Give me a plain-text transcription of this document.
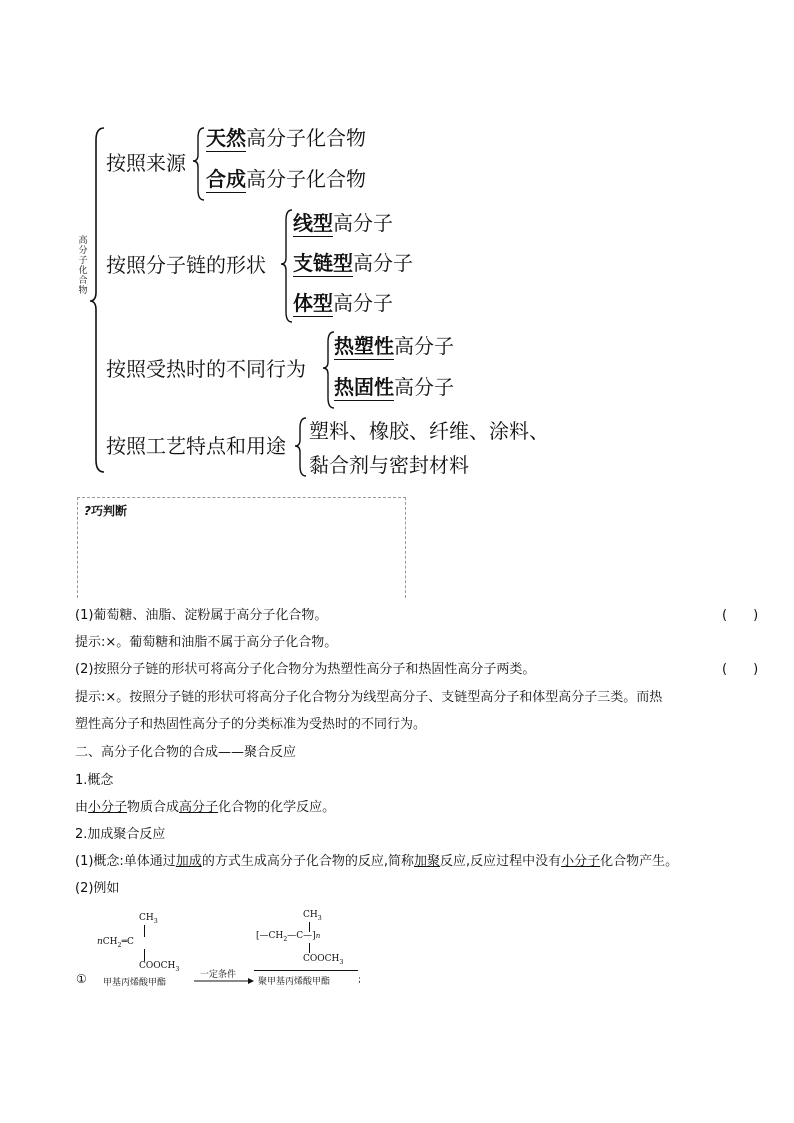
高分子化合物
按照来源
天然高分子化合物
合成高分子化合物
按照分子链的形状
线型高分子
支链型高分子
体型高分子
按照受热时的不同行为
热塑性高分子
热固性高分子
按照工艺特点和用途
塑料、橡胶、纤维、涂料、
黏合剂与密封材料
?巧判断
(1)葡萄糖、油脂、淀粉属于高分子化合物。	(　　)
提示:×。葡萄糖和油脂不属于高分子化合物。
(2)按照分子链的形状可将高分子化合物分为热塑性高分子和热固性高分子两类。	(　　)
提示:×。按照分子链的形状可将高分子化合物分为线型高分子、支链型高分子和体型高分子三类。而热
塑性高分子和热固性高分子的分类标准为受热时的不同行为。
二、高分子化合物的合成——聚合反应
1.概念
由小分子物质合成高分子化合物的化学反应。
2.加成聚合反应
(1)概念:单体通过加成的方式生成高分子化合物的反应,简称加聚反应,反应过程中没有小分子化合物产生。
(2)例如
$CH_3$
nCH$_2$═C
$COOCH_3$
① 甲基丙烯酸甲酯
一定条件
$CH_3$
$[—CH_2—C—]n$
$COOCH_3$
聚甲基丙烯酸甲酯	;
